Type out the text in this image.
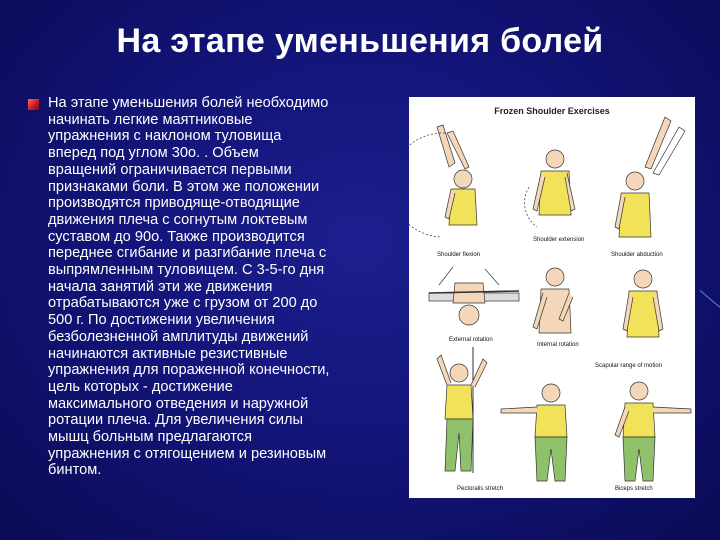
На этапе уменьшения болей
На этапе уменьшения болей необходимо
начинать легкие маятниковые
упражнения с наклоном туловища
вперед под углом 30о. . Объем
вращений ограничивается первыми
признаками боли. В этом же положении
производятся приводяще-отводящие
движения плеча с согнутым локтевым
суставом до 90о. Также производится
переднее сгибание и разгибание плеча с
выпрямленным туловищем. С 3-5-го дня
начала занятий эти же движения
отрабатываются уже с грузом от 200 до
500 г. По достижении увеличения
безболезненной амплитуды движений
начинаются активные резистивные
упражнения для пораженной конечности,
цель которых - достижение
максимального отведения и наружной
ротации плеча. Для увеличения силы
мышц больным предлагаются
упражнения с отягощением и резиновым
бинтом.
Frozen Shoulder Exercises
Shoulder flexion
Shoulder extension
Shoulder abduction
External rotation
Internal rotation
Scapular range of motion
Pectoralis stretch	Biceps stretch
